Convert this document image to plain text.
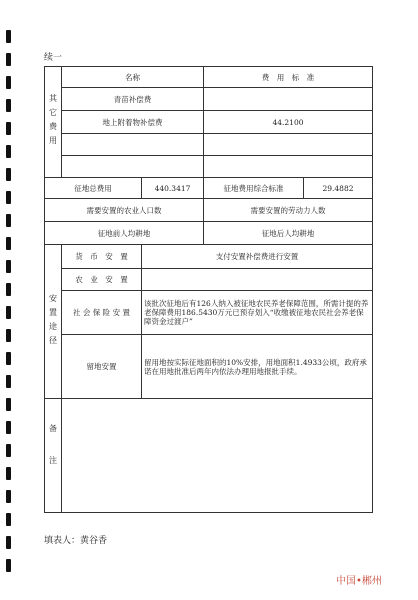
续一
其它费用	名称		费　用　标　准	
	青苗补偿费			
	地上附着物补偿费		44.2100	

征地总费用		440.3417	征地费用综合标准	29.4882
需要安置的农业人口数			需要安置的劳动力人数	
征地前人均耕地			征地后人均耕地	
安置途径	货　币　安　置	支付安置补偿费进行安置		
	农　业　安　置			
	社 会 保 险 安 置	该批次征地后有126人纳入被征地农民养老保障范围，所需计提的养老保障费用186.5430万元已预存划入“收缴被征地农民社会养老保障资金过渡户”		
	留地安置	留用地按实际征地面积的10%安排，用地面积1.4933公顷，政府承诺在用地批准后两年内依法办理用地报批手续。		
备注				
填表人：黄谷香
中国•郴州
